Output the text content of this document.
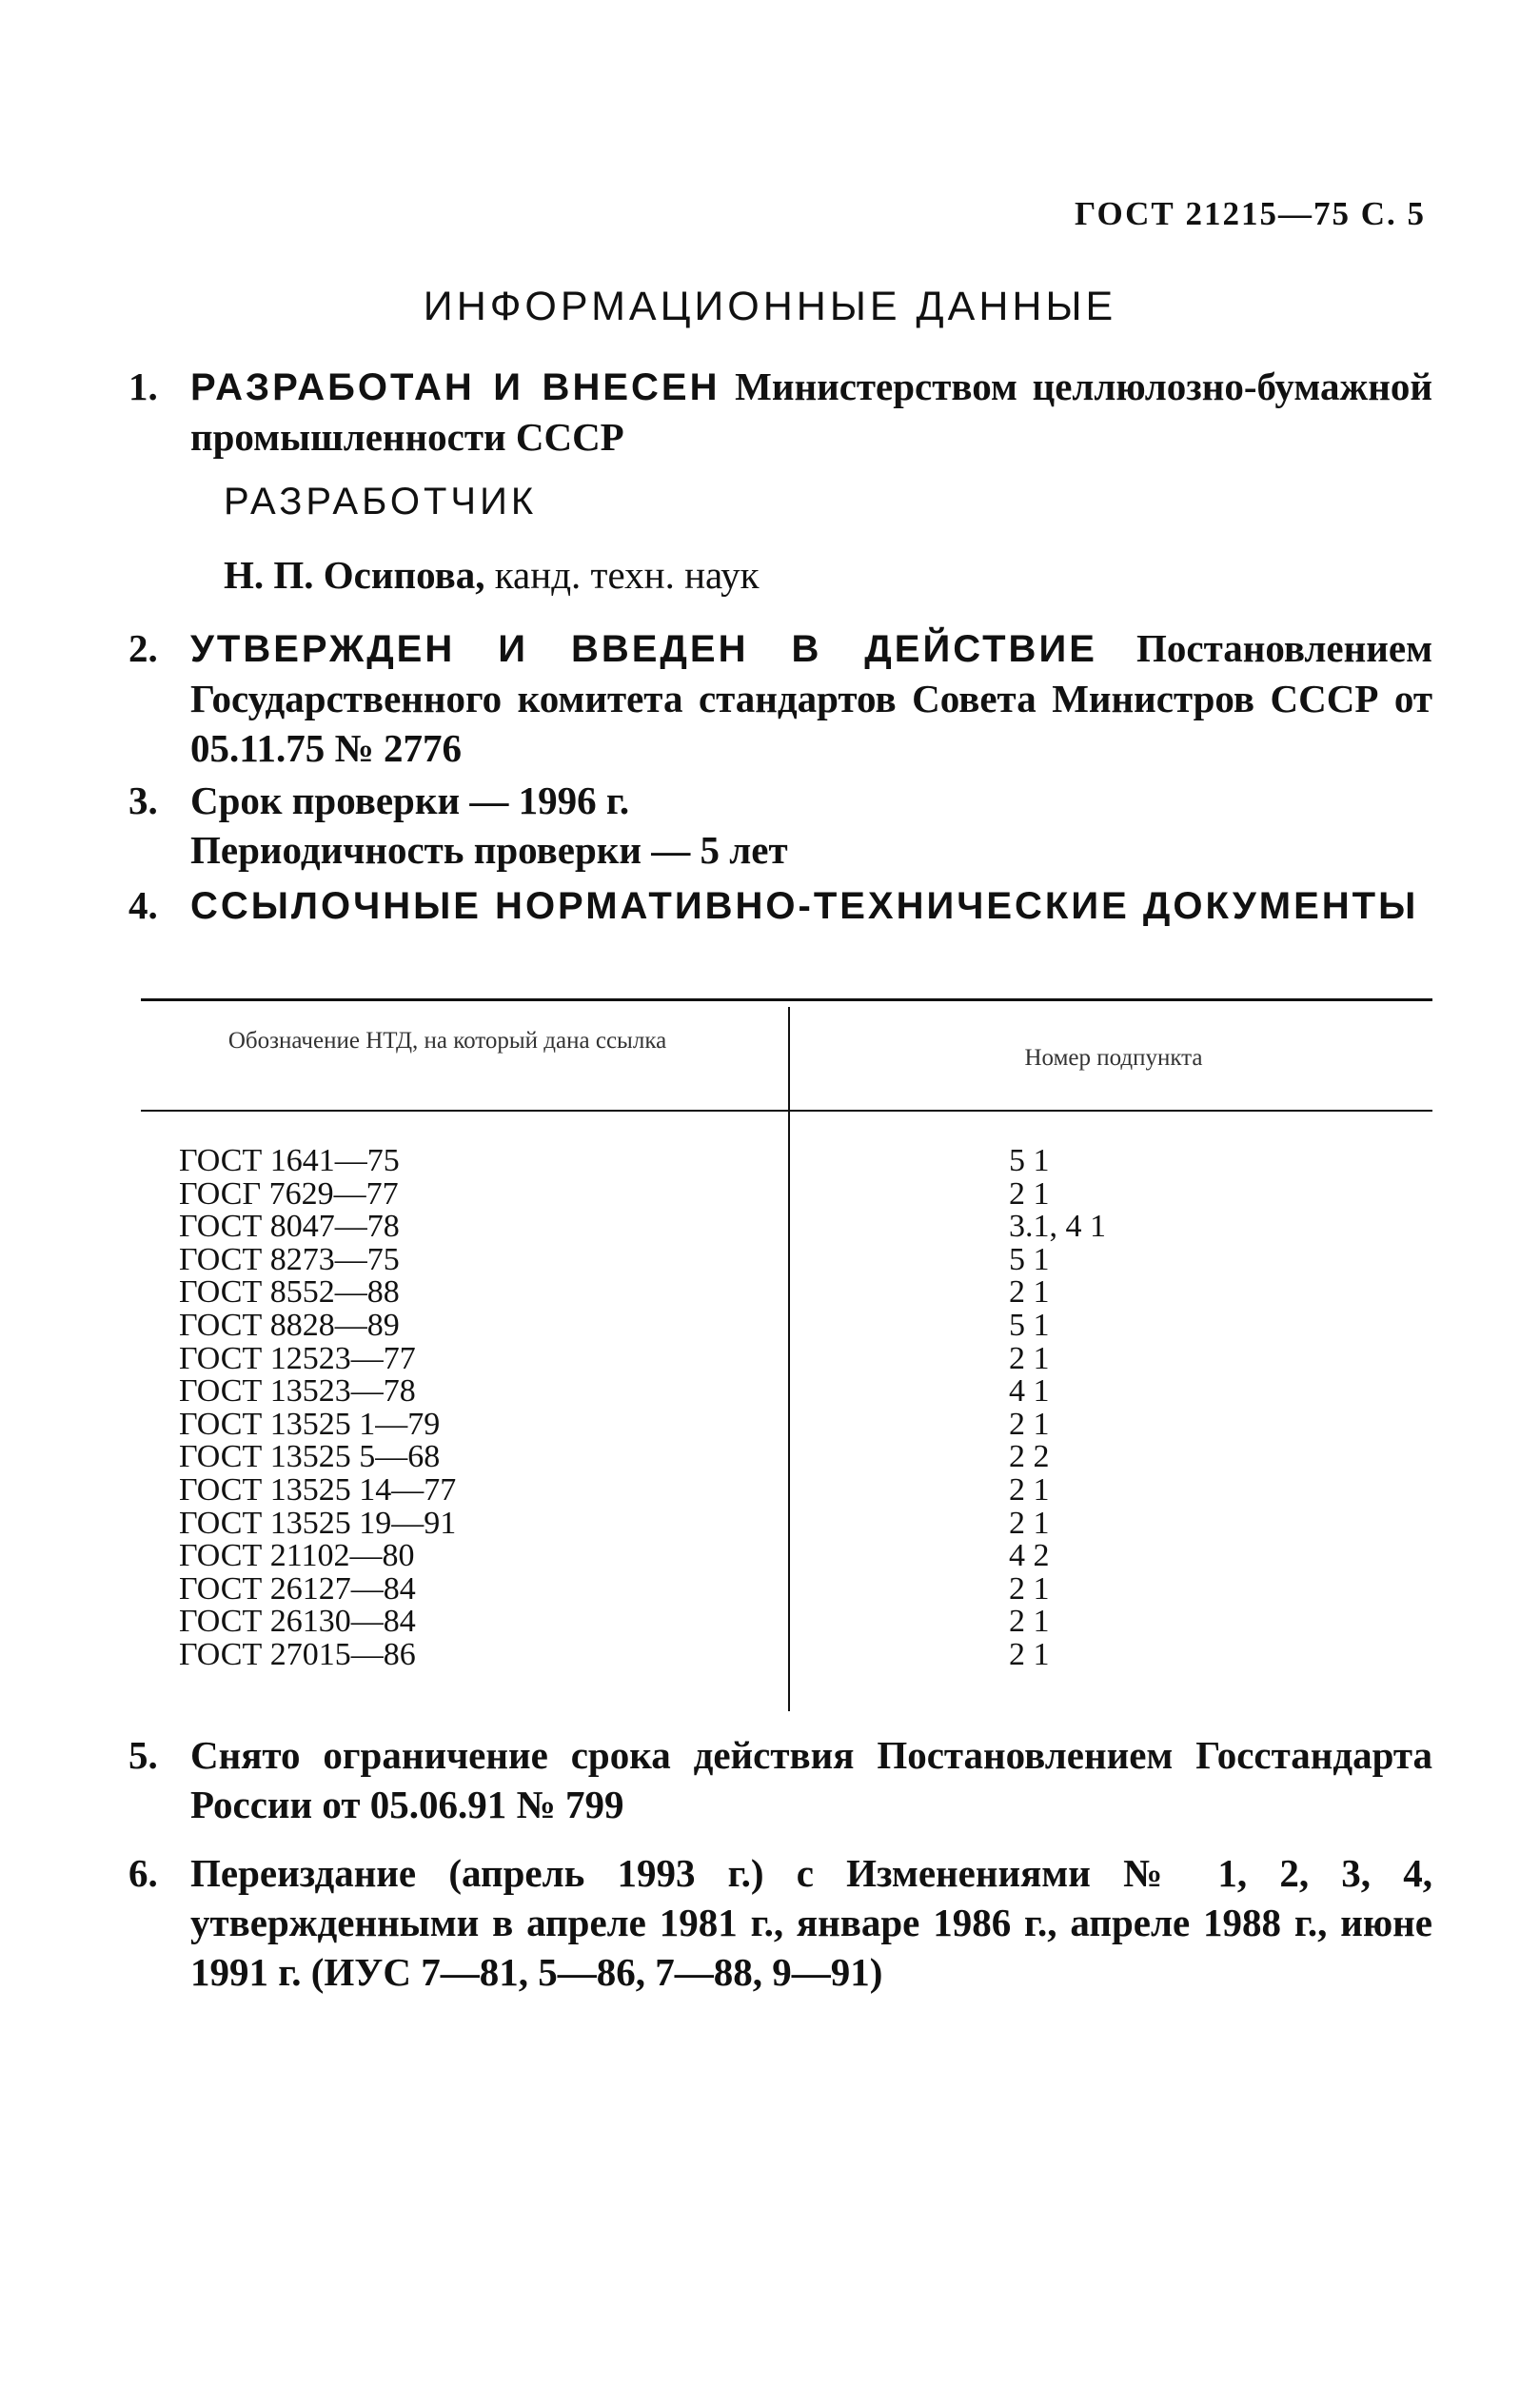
ГОСТ 21215—75 С. 5
ИНФОРМАЦИОННЫЕ ДАННЫЕ
1. РАЗРАБОТАН И ВНЕСЕН Министерством целлюлозно-бумажной промышленности СССР
РАЗРАБОТЧИК
Н. П. Осипова, канд. техн. наук
2. УТВЕРЖДЕН И ВВЕДЕН В ДЕЙСТВИЕ Постановлением Государственного комитета стандартов Совета Министров СССР от 05.11.75 № 2776
3. Срок проверки — 1996 г.
Периодичность проверки — 5 лет
4. ССЫЛОЧНЫЕ НОРМАТИВНО-ТЕХНИЧЕСКИЕ ДОКУМЕНТЫ
Обозначение НТД, на который дана ссылка
Номер подпункта
ГОСТ 1641—75
ГОСГ 7629—77
ГОСТ 8047—78
ГОСТ 8273—75
ГОСТ 8552—88
ГОСТ 8828—89
ГОСТ 12523—77
ГОСТ 13523—78
ГОСТ 13525 1—79
ГОСТ 13525 5—68
ГОСТ 13525 14—77
ГОСТ 13525 19—91
ГОСТ 21102—80
ГОСТ 26127—84
ГОСТ 26130—84
ГОСТ 27015—86
5 1
2 1
3.1, 4 1
5 1
2 1
5 1
2 1
4 1
2 1
2 2
2 1
2 1
4 2
2 1
2 1
2 1
5. Снято ограничение срока действия Постановлением Госстандарта России от 05.06.91 № 799
6. Переиздание (апрель 1993 г.) с Изменениями № 1, 2, 3, 4, утвержденными в апреле 1981 г., январе 1986 г., апреле 1988 г., июне 1991 г. (ИУС 7—81, 5—86, 7—88, 9—91)
